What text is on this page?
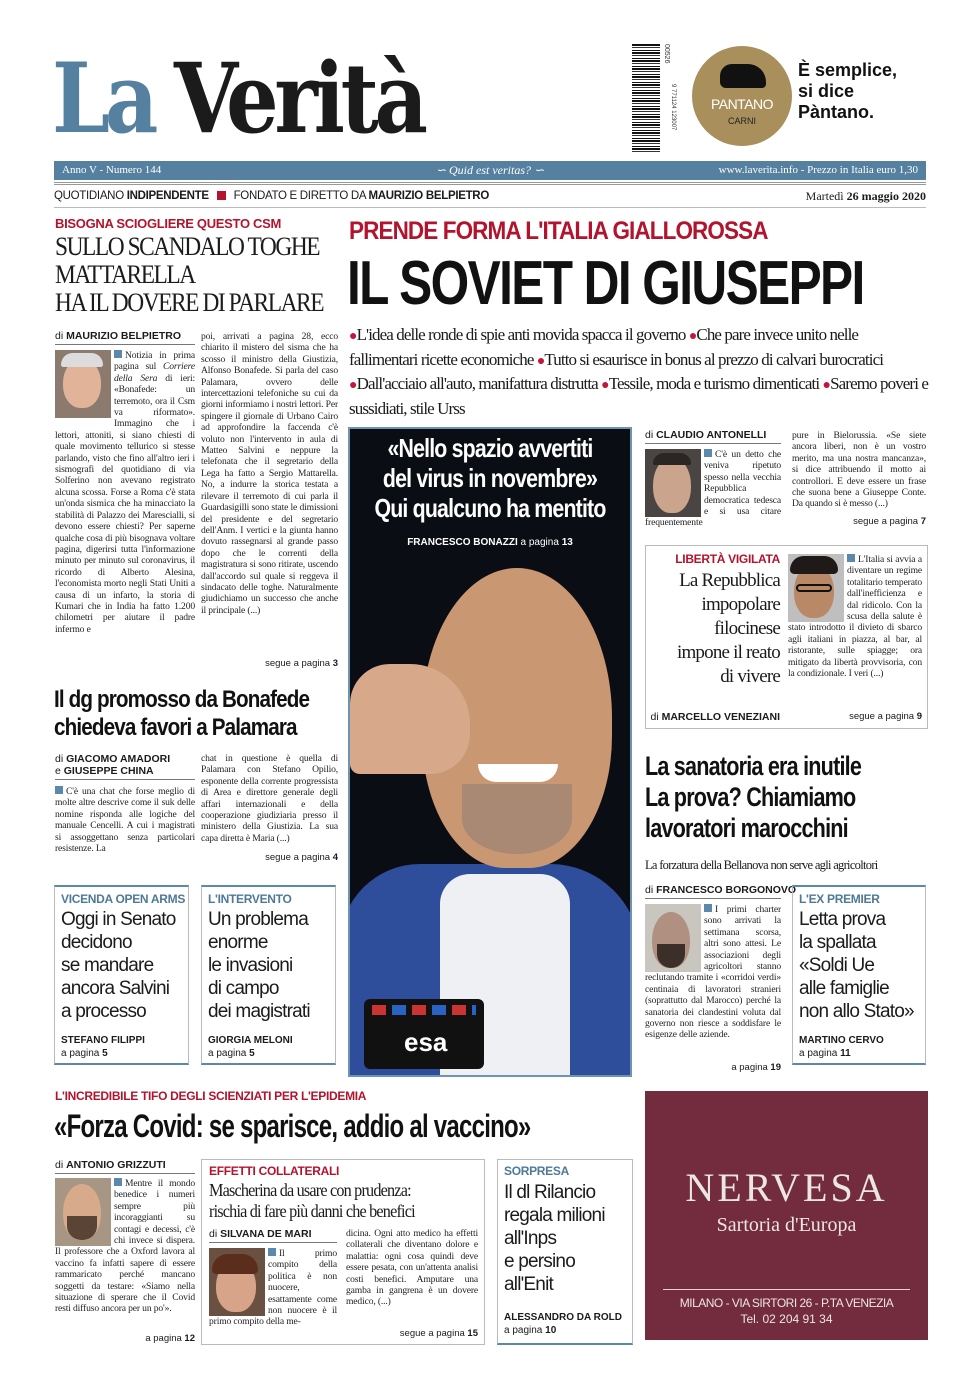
La Verità	00526
9 771124 123007	PANTANO
CARNI
È semplice,
si dice
Pàntano.
Anno V - Numero 144	∽ Quid est veritas? ∽	www.laverita.info - Prezzo in Italia euro 1,30
QUOTIDIANO INDIPENDENTE FONDATO E DIRETTO DA MAURIZIO BELPIETRO	Martedì 26 maggio 2020
BISOGNA SCIOGLIERE QUESTO CSM
SULLO SCANDALO TOGHE
MATTARELLA
HA IL DOVERE DI PARLARE
di MAURIZIO BELPIETRO
Notizia in prima pagina sul Corriere della Sera di ieri: «Bonafede: un terremoto, ora il Csm va riformato». Immagino che i lettori, attoniti, si siano chiesti di quale movimento tellurico si stesse parlando, visto che fino all'altro ieri i sismografi del quotidiano di via Solferino non avevano registrato alcuna scossa. Forse a Roma c'è stata un'onda sismica che ha minacciato la stabilità di Palazzo dei Marescialli, si devono essere chiesti? Per saperne qualche cosa di più bisognava voltare pagina, digerirsi tutta l'informazione minuto per minuto sul coronavirus, il ricordo di Alberto Alesina, l'economista morto negli Stati Uniti a causa di un infarto, la storia di Kumari che in India ha fatto 1.200 chilometri per aiutare il padre infermo e
poi, arrivati a pagina 28, ecco chiarito il mistero del sisma che ha scosso il ministro della Giustizia, Alfonso Bonafede. Si parla del caso Palamara, ovvero delle intercettazioni telefoniche su cui da giorni informiamo i nostri lettori. Per spingere il giornale di Urbano Cairo ad approfondire la faccenda c'è voluto non l'intervento in aula di Matteo Salvini e neppure la telefonata che il segretario della Lega ha fatto a Sergio Mattarella. No, a indurre la storica testata a rilevare il terremoto di cui parla il Guardasigilli sono state le dimissioni del presidente e del segretario dell'Anm. I vertici e la giunta hanno dovuto rassegnarsi al grande passo dopo che le correnti della magistratura si sono ritirate, uscendo dall'accordo sul quale si reggeva il sindacato delle toghe. Naturalmente giudichiamo un successo che anche il principale (...)
segue a pagina 3
PRENDE FORMA L'ITALIA GIALLOROSSA
IL SOVIET DI GIUSEPPI
●L'idea delle ronde di spie anti movida spacca il governo ●Che pare invece unito nelle fallimentari ricette economiche ●Tutto si esaurisce in bonus al prezzo di calvari burocratici ●Dall'acciaio all'auto, manifattura distrutta ●Tessile, moda e turismo dimenticati ●Saremo poveri e sussidiati, stile Urss
«Nello spazio avvertiti
del virus in novembre»
Qui qualcuno ha mentito
FRANCESCO BONAZZI a pagina 13
esa
di CLAUDIO ANTONELLI
C'è un detto che veniva ripetuto spesso nella vecchia Repubblica democratica tedesca e si usa citare frequentemente
pure in Bielorussia. «Se siete ancora liberi, non è un vostro merito, ma una nostra mancanza», si dice attribuendo il motto ai controllori. E deve essere un frase che suona bene a Giuseppe Conte. Da quando si è messo (...)
segue a pagina 7
LIBERTÀ VIGILATA
La Repubblica
impopolare
filocinese
impone il reato
di vivere
di MARCELLO VENEZIANI
L'Italia si avvia a diventare un regime totalitario temperato dall'inefficienza e dal ridicolo. Con la scusa della salute è stato introdotto il divieto di sbarco agli italiani in piazza, al bar, al ristorante, sulle spiagge; ora mitigato da libertà provvisoria, con la condizionale. I veri (...)
segue a pagina 9
Il dg promosso da Bonafede
chiedeva favori a Palamara
di GIACOMO AMADORI
e GIUSEPPE CHINA
C'è una chat che forse meglio di molte altre descrive come il suk delle nomine risponda alle logiche del manuale Cencelli. A cui i magistrati si assoggettano senza particolari resistenze. La
chat in questione è quella di Palamara con Stefano Opilio, esponente della corrente progressista di Area e direttore generale degli affari internazionali e della cooperazione giudiziaria presso il ministero della Giustizia. La sua capa diretta è Maria (...)
segue a pagina 4
VICENDA OPEN ARMS
Oggi in Senato
decidono
se mandare
ancora Salvini
a processo
STEFANO FILIPPI
a pagina 5
L'INTERVENTO
Un problema
enorme
le invasioni
di campo
dei magistrati
GIORGIA MELONI
a pagina 5
La sanatoria era inutile
La prova? Chiamiamo
lavoratori marocchini
La forzatura della Bellanova non serve agli agricoltori
di FRANCESCO BORGONOVO
I primi charter sono arrivati la settimana scorsa, altri sono attesi. Le associazioni degli agricoltori stanno reclutando tramite i «corridoi verdi» centinaia di lavoratori stranieri (soprattutto dal Marocco) perché la sanatoria dei clandestini voluta dal governo non riesce a soddisfare le esigenze delle aziende.
a pagina 19
L'EX PREMIER
Letta prova
la spallata
«Soldi Ue
alle famiglie
non allo Stato»
MARTINO CERVO
a pagina 11
L'INCREDIBILE TIFO DEGLI SCIENZIATI PER L'EPIDEMIA
«Forza Covid: se sparisce, addio al vaccino»
di ANTONIO GRIZZUTI
Mentre il mondo benedice i numeri sempre più incoraggianti su contagi e decessi, c'è chi invece si dispera. Il professore che a Oxford lavora al vaccino fa infatti sapere di essere rammaricato perché mancano soggetti da testare: «Siamo nella situazione di sperare che il Covid resti diffuso ancora per un po'».
a pagina 12
EFFETTI COLLATERALI
Mascherina da usare con prudenza:
rischia di fare più danni che benefici
di SILVANA DE MARI
Il primo compito della politica è non nuocere, esattamente come non nuocere è il primo compito della me-
dicina. Ogni atto medico ha effetti collaterali che diventano dolore e malattia: ogni cosa quindi deve essere pesata, con un'attenta analisi costi benefici. Amputare una gamba in gangrena è un dovere medico, (...)
segue a pagina 15
SORPRESA
Il dl Rilancio
regala milioni
all'Inps
e persino
all'Enit
ALESSANDRO DA ROLD
a pagina 10
NERVESA
Sartoria d'Europa
MILANO - VIA SIRTORI 26 - P.TA VENEZIA
Tel. 02 204 91 34
